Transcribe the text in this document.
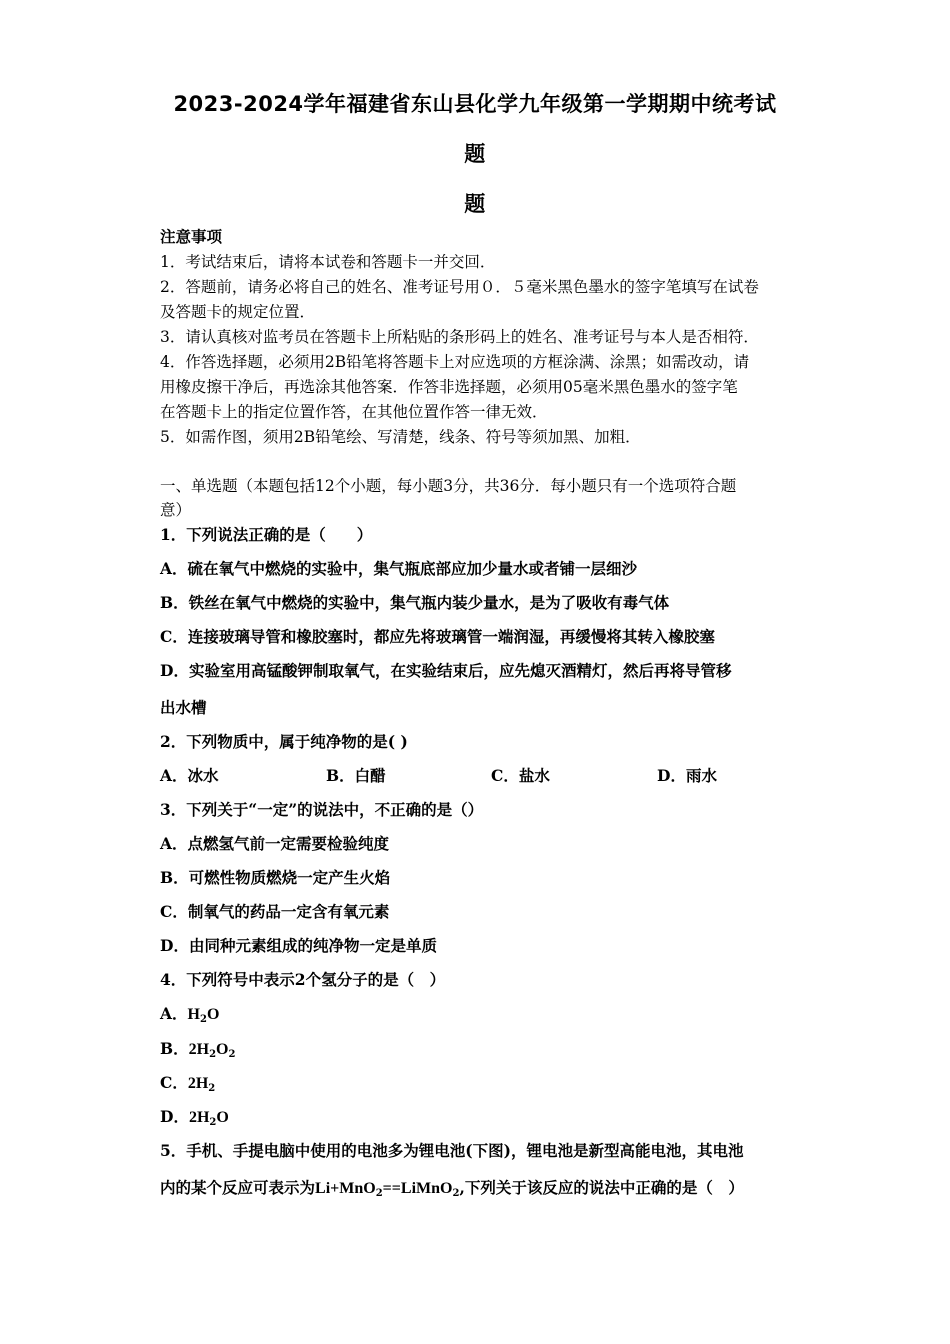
2023-2024学年福建省东山县化学九年级第一学期期中统考试
题
题
注意事项
1．考试结束后，请将本试卷和答题卡一并交回．
2．答题前，请务必将自己的姓名、准考证号用０．５毫米黑色墨水的签字笔填写在试卷
及答题卡的规定位置．
3．请认真核对监考员在答题卡上所粘贴的条形码上的姓名、准考证号与本人是否相符．
4．作答选择题，必须用2B铅笔将答题卡上对应选项的方框涂满、涂黑；如需改动，请
用橡皮擦干净后，再选涂其他答案．作答非选择题，必须用05毫米黑色墨水的签字笔
在答题卡上的指定位置作答，在其他位置作答一律无效．
5．如需作图，须用2B铅笔绘、写清楚，线条、符号等须加黑、加粗．
一、单选题（本题包括12个小题，每小题3分，共36分．每小题只有一个选项符合题
意）
1．下列说法正确的是（　　）
A．硫在氧气中燃烧的实验中，集气瓶底部应加少量水或者铺一层细沙
B．铁丝在氧气中燃烧的实验中，集气瓶内装少量水，是为了吸收有毒气体
C．连接玻璃导管和橡胶塞时，都应先将玻璃管一端润湿，再缓慢将其转入橡胶塞
D．实验室用高锰酸钾制取氧气，在实验结束后，应先熄灭酒精灯，然后再将导管移
出水槽
2．下列物质中，属于纯净物的是( )
A．冰水	B．白醋	C．盐水	D．雨水
3．下列关于“一定”的说法中，不正确的是（）
A．点燃氢气前一定需要检验纯度
B．可燃性物质燃烧一定产生火焰
C．制氧气的药品一定含有氧元素
D．由同种元素组成的纯净物一定是单质
4．下列符号中表示2个氢分子的是（　）
A．$H_2O$
B．$2H_2O_2$
C．$2H_2$
D．$2H_2O$
5．手机、手提电脑中使用的电池多为锂电池(下图)，锂电池是新型高能电池，其电池
内的某个反应可表示为Li+MnO$_2$==LiMnO$_2$,下列关于该反应的说法中正确的是（　）
